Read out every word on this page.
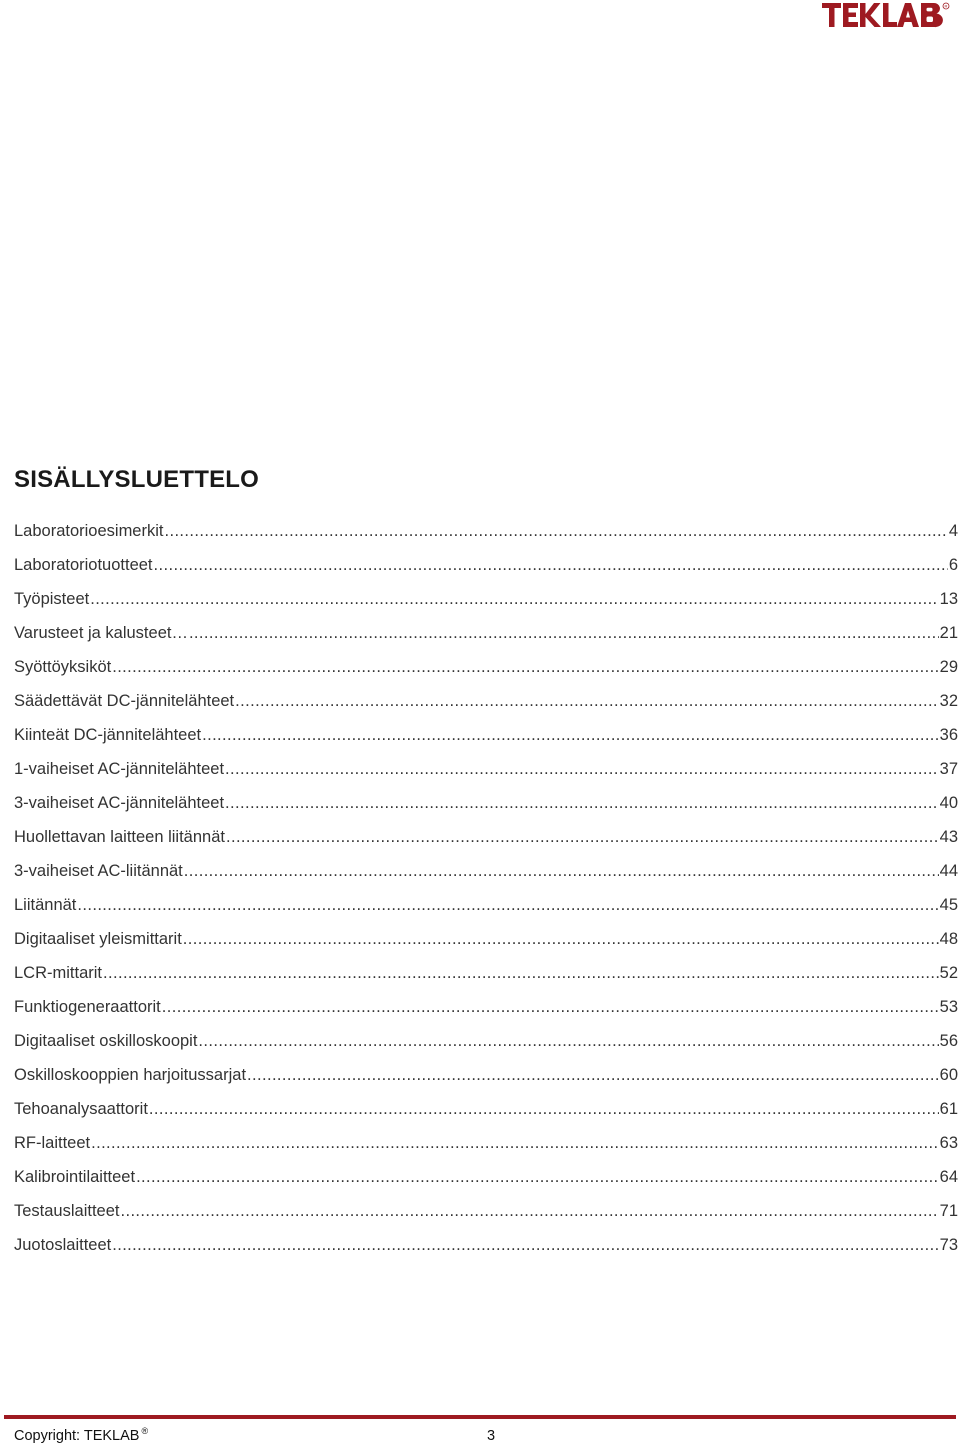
R
SISÄLLYSLUETTELO
Laboratorioesimerkit .....	4
Laboratoriotuotteet .....	6
Työpisteet .....	13
Varusteet ja kalusteet… .....	21
Syöttöyksiköt .....	29
Säädettävät DC-jännitelähteet .....	32
Kiinteät DC-jännitelähteet .....	36
1-vaiheiset AC-jännitelähteet .....	37
3-vaiheiset AC-jännitelähteet .....	40
Huollettavan laitteen liitännät .....	43
3-vaiheiset AC-liitännät .....	44
Liitännät .....	45
Digitaaliset yleismittarit .....	48
LCR-mittarit .....	52
Funktiogeneraattorit .....	53
Digitaaliset oskilloskoopit .....	56
Oskilloskooppien harjoitussarjat .....	60
Tehoanalysaattorit .....	61
RF-laitteet .....	63
Kalibrointilaitteet .....	64
Testauslaitteet .....	71
Juotoslaitteet .....	73
Copyright: TEKLAB ®	3
